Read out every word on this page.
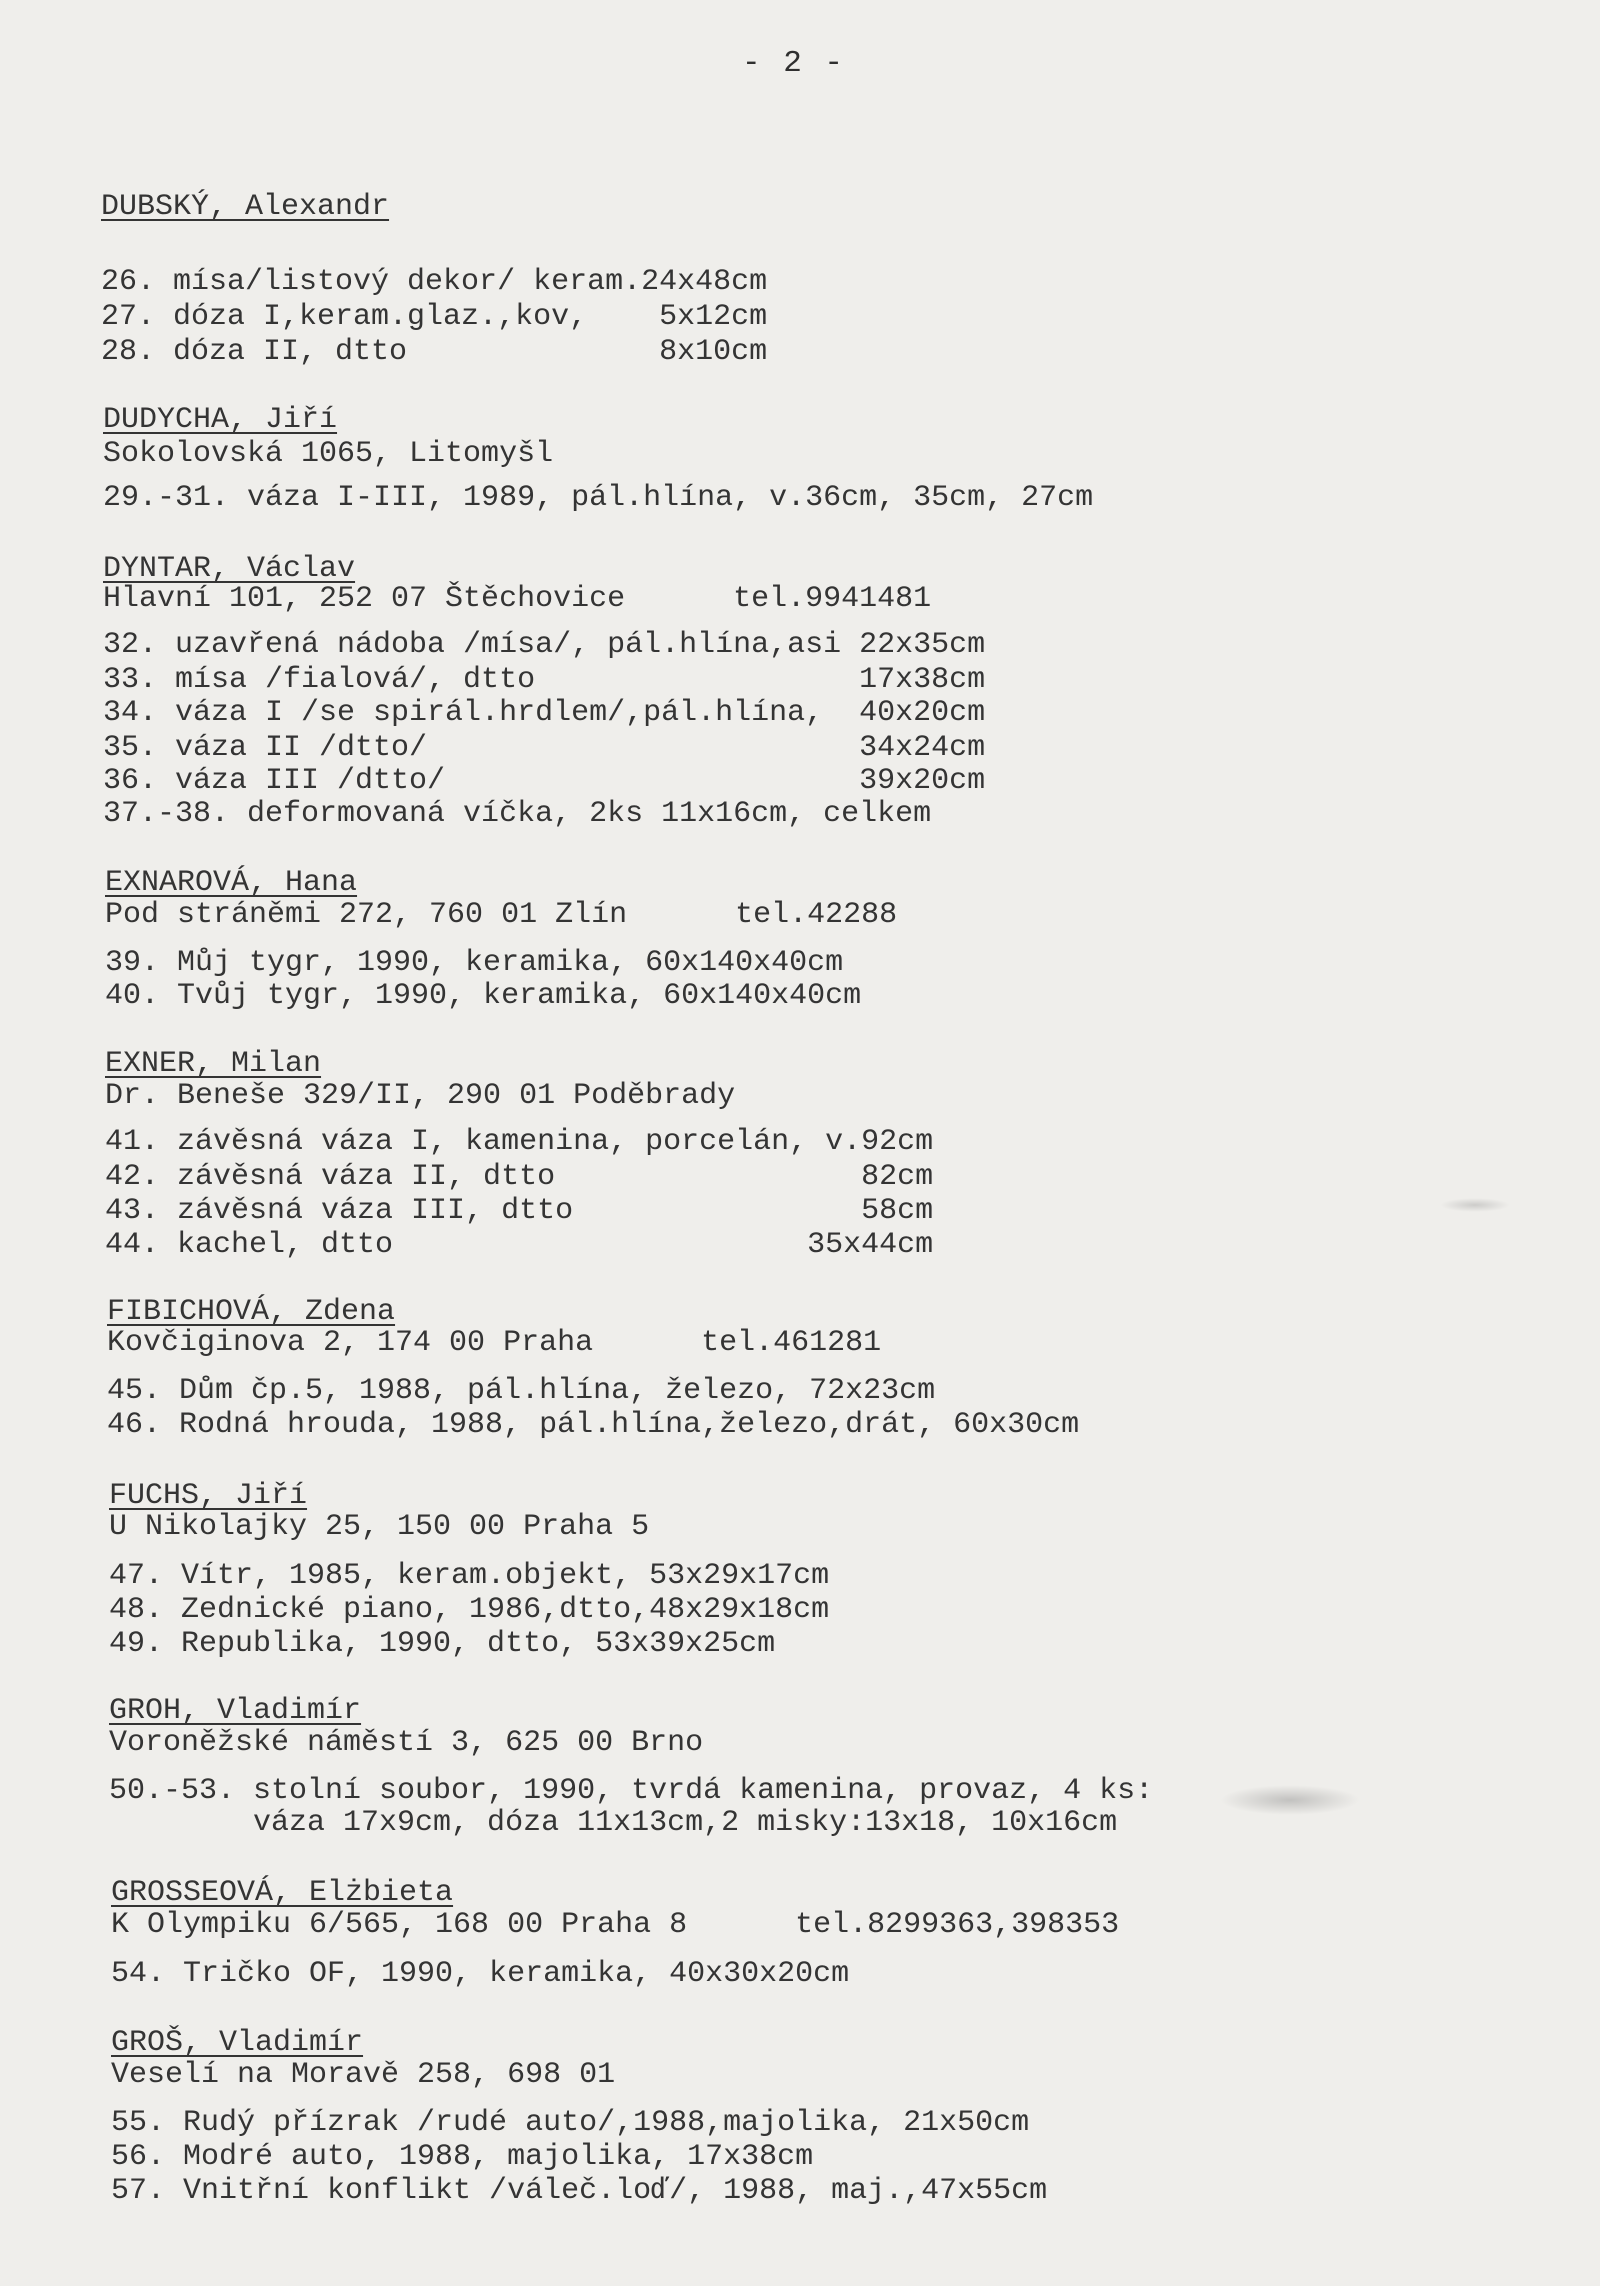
- 2 -
DUBSKÝ, Alexandr
26. mísa/listový dekor/ keram.24x48cm
27. dóza I,keram.glaz.,kov,    5x12cm
28. dóza II, dtto              8x10cm
DUDYCHA, Jiří
Sokolovská 1065, Litomyšl
29.-31. váza I-III, 1989, pál.hlína, v.36cm, 35cm, 27cm
DYNTAR, Václav
Hlavní 101, 252 07 Štěchovice      tel.9941481
32. uzavřená nádoba /mísa/, pál.hlína,asi 22x35cm
33. mísa /fialová/, dtto                  17x38cm
34. váza I /se spirál.hrdlem/,pál.hlína,  40x20cm
35. váza II /dtto/                        34x24cm
36. váza III /dtto/                       39x20cm
37.-38. deformovaná víčka, 2ks 11x16cm, celkem
EXNAROVÁ, Hana
Pod stráněmi 272, 760 01 Zlín      tel.42288
39. Můj tygr, 1990, keramika, 60x140x40cm
40. Tvůj tygr, 1990, keramika, 60x140x40cm
EXNER, Milan
Dr. Beneše 329/II, 290 01 Poděbrady
41. závěsná váza I, kamenina, porcelán, v.92cm
42. závěsná váza II, dtto                 82cm
43. závěsná váza III, dtto                58cm
44. kachel, dtto                       35x44cm
FIBICHOVÁ, Zdena
Kovčiginova 2, 174 00 Praha      tel.461281
45. Dům čp.5, 1988, pál.hlína, železo, 72x23cm
46. Rodná hrouda, 1988, pál.hlína,železo,drát, 60x30cm
FUCHS, Jiří
U Nikolajky 25, 150 00 Praha 5
47. Vítr, 1985, keram.objekt, 53x29x17cm
48. Zednické piano, 1986,dtto,48x29x18cm
49. Republika, 1990, dtto, 53x39x25cm
GROH, Vladimír
Voroněžské náměstí 3, 625 00 Brno
50.-53. stolní soubor, 1990, tvrdá kamenina, provaz, 4 ks:
váza 17x9cm, dóza 11x13cm,2 misky:13x18, 10x16cm
GROSSEOVÁ, Elżbieta
K Olympiku 6/565, 168 00 Praha 8      tel.8299363,398353
54. Tričko OF, 1990, keramika, 40x30x20cm
GROŠ, Vladimír
Veselí na Moravě 258, 698 01
55. Rudý přízrak /rudé auto/,1988,majolika, 21x50cm
56. Modré auto, 1988, majolika, 17x38cm
57. Vnitřní konflikt /váleč.loď/, 1988, maj.,47x55cm
